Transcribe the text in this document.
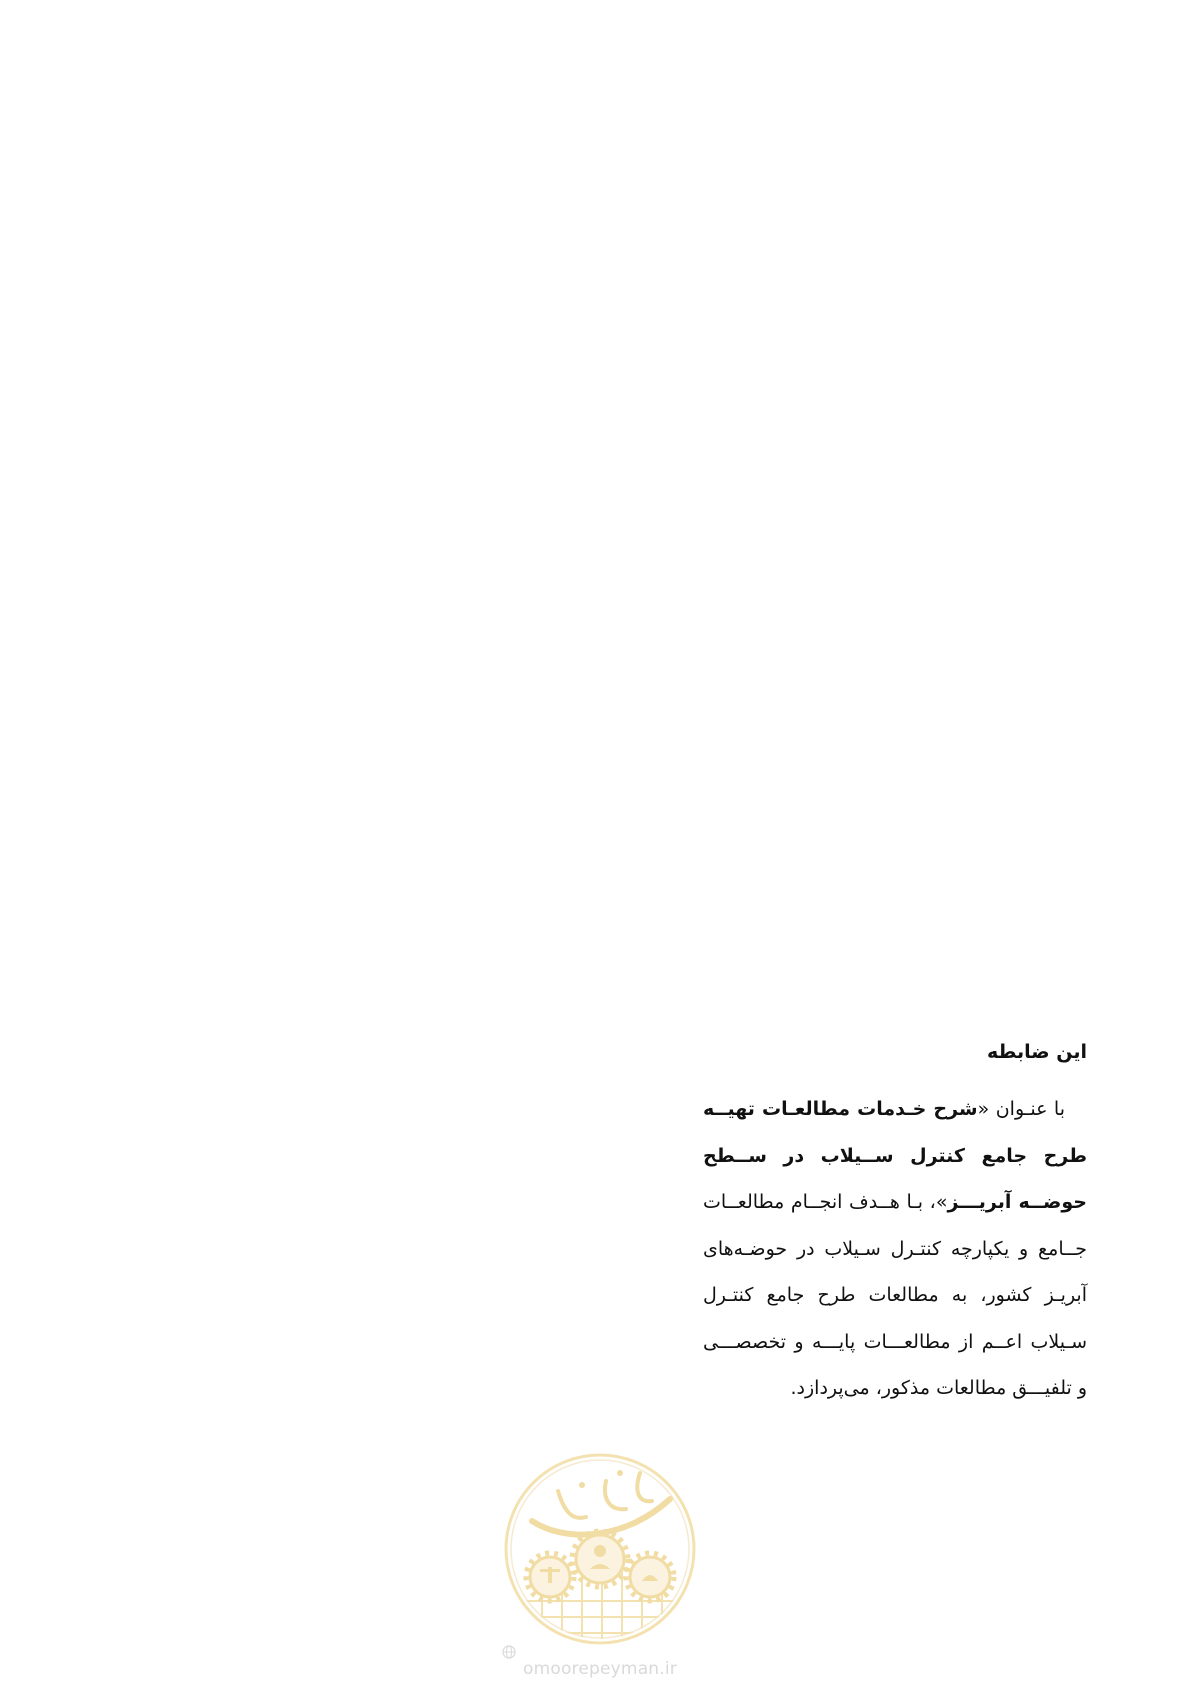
این ضابطه

با عنـوان «شرح خـدمات مطالعـات تهیــه طرح جامع کنترل ســیلاب در ســطح حوضــه آبریـــز»، بـا هــدف انجــام مطالعــات جــامع و یکپارچه کنتـرل سـیلاب در حوضـه‌های آبریـز کشور، به مطالعات طرح جامع کنتـرل سـیلاب اعــم از مطالعـــات پایـــه و تخصصـــی و تلفیـــق مطالعات مذکور، می‌پردازد.

omoorepeyman.ir
